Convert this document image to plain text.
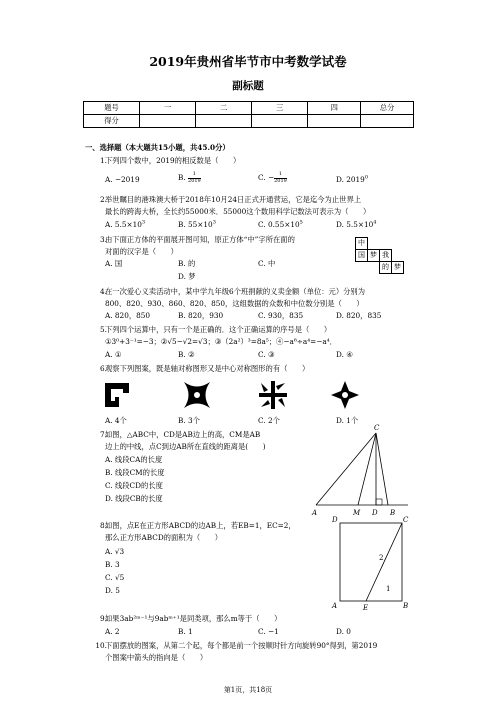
2019年贵州省毕节市中考数学试卷
副标题
题号	一	二	三	四	总分
得分					
一、选择题（本大题共15小题，共45.0分）
1.
下列四个数中，2019的相反数是（　　）
A. −2019	B. $\frac{1}{2019}$	C. − $\frac{1}{2019}$	D. 2019$^0$
2.
举世瞩目的港珠澳大桥于2018年10月24日正式开通营运，它是迄今为止世界上
最长的跨海大桥，全长约55000米．55000这个数用科学记数法可表示为（　　）
A. $5.5\times 10^3$	B. $55\times 10^3$	C. $0.55\times 10^5$	D. $5.5\times 10^4$
3.
由下面正方体的平面展开图可知，原正方体“中”字所在面的
对面的汉字是（　　）
A. 国	B. 的	C. 中
D. 梦
中
国 梦 我
的 梦
4.
在一次爱心义卖活动中，某中学九年级6个班捐献的义卖金额（单位：元）分别为
800、820、930、860、820、850，这组数据的众数和中位数分别是（　　）
A. 820，850	B. 820，930	C. 930，835	D. 820，835
5.
下列四个运算中，只有一个是正确的．这个正确运算的序号是（　　）
①3⁰+3⁻¹=−3；②√5−√2=√3；③（2a²）³=8a⁵；④−a⁸÷a⁴=−a⁴．
A. ①	B. ②	C. ③	D. ④
6.
观察下列图案，既是轴对称图形又是中心对称图形的有（　　）
A. 4个	B. 3个	C. 2个	D. 1个
7.
如图，△ABC中，CD是AB边上的高，CM是AB
边上的中线，点C到边AB所在直线的距离是(　　)
A. 线段CA的长度
B. 线段CM的长度
C. 线段CD的长度
D. 线段CB的长度
A	M D B
C
8.
如图，点E在正方形ABCD的边AB上，若EB=1，EC=2，
那么正方形ABCD的面积为（　　）
A. √3
B. 3
C. √5
D. 5
D	C
A	E	B
2
1
9.
如果3ab²ᵐ⁻¹与9abᵐ⁺¹是同类项，那么m等于（　　）
A. 2	B. 1	C. −1	D. 0
10.
下面摆放的图案，从第二个起，每个都是前一个按顺时针方向旋转90°得到，第2019
个图案中箭头的指向是（　　）
第1页，共18页
